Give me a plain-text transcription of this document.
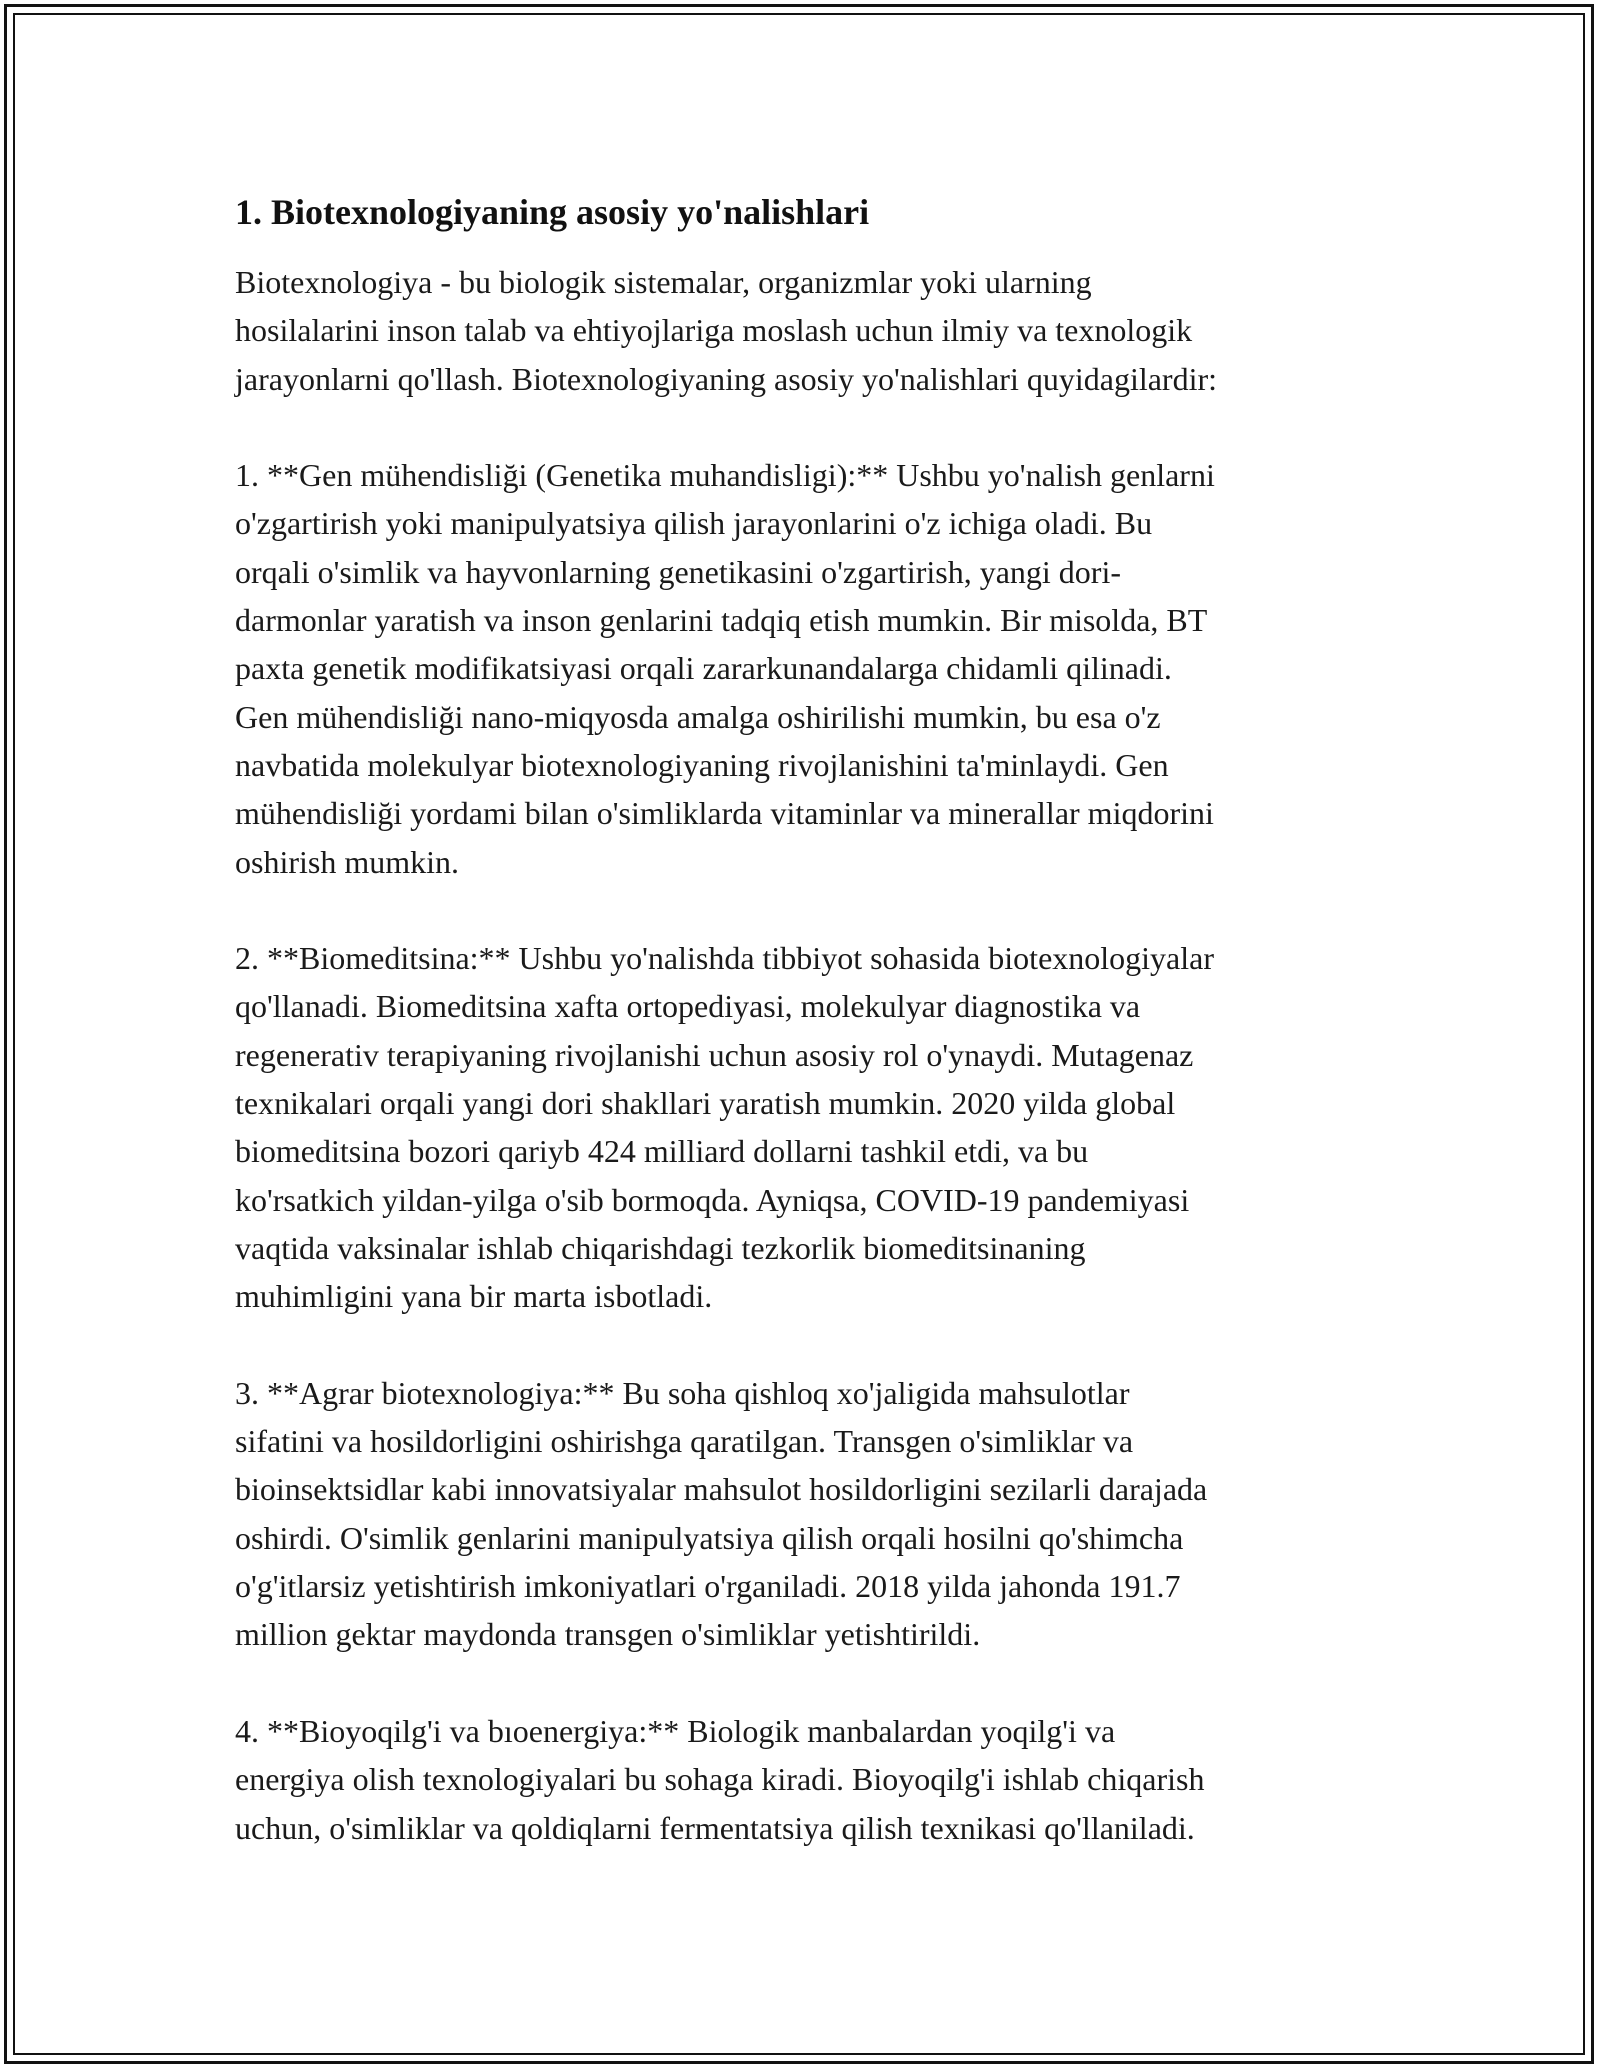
1. Biotexnologiyaning asosiy yo'nalishlari

Biotexnologiya - bu biologik sistemalar, organizmlar yoki ularning
hosilalarini inson talab va ehtiyojlariga moslash uchun ilmiy va texnologik
jarayonlarni qo'llash. Biotexnologiyaning asosiy yo'nalishlari quyidagilardir:

1. **Gen mühendisliği (Genetika muhandisligi):** Ushbu yo'nalish genlarni
o'zgartirish yoki manipulyatsiya qilish jarayonlarini o'z ichiga oladi. Bu
orqali o'simlik va hayvonlarning genetikasini o'zgartirish, yangi dori-
darmonlar yaratish va inson genlarini tadqiq etish mumkin. Bir misolda, BT
paxta genetik modifikatsiyasi orqali zararkunandalarga chidamli qilinadi.
Gen mühendisliği nano-miqyosda amalga oshirilishi mumkin, bu esa o'z
navbatida molekulyar biotexnologiyaning rivojlanishini ta'minlaydi. Gen
mühendisliği yordami bilan o'simliklarda vitaminlar va minerallar miqdorini
oshirish mumkin.

2. **Biomeditsina:** Ushbu yo'nalishda tibbiyot sohasida biotexnologiyalar
qo'llanadi. Biomeditsina xafta ortopediyasi, molekulyar diagnostika va
regenerativ terapiyaning rivojlanishi uchun asosiy rol o'ynaydi. Mutagenaz
texnikalari orqali yangi dori shakllari yaratish mumkin. 2020 yilda global
biomeditsina bozori qariyb 424 milliard dollarni tashkil etdi, va bu
ko'rsatkich yildan-yilga o'sib bormoqda. Ayniqsa, COVID-19 pandemiyasi
vaqtida vaksinalar ishlab chiqarishdagi tezkorlik biomeditsinaning
muhimligini yana bir marta isbotladi.

3. **Agrar biotexnologiya:** Bu soha qishloq xo'jaligida mahsulotlar
sifatini va hosildorligini oshirishga qaratilgan. Transgen o'simliklar va
bioinsektsidlar kabi innovatsiyalar mahsulot hosildorligini sezilarli darajada
oshirdi. O'simlik genlarini manipulyatsiya qilish orqali hosilni qo'shimcha
o'g'itlarsiz yetishtirish imkoniyatlari o'rganiladi. 2018 yilda jahonda 191.7
million gektar maydonda transgen o'simliklar yetishtirildi.

4. **Bioyoqilg'i va bıoenergiya:** Biologik manbalardan yoqilg'i va
energiya olish texnologiyalari bu sohaga kiradi. Bioyoqilg'i ishlab chiqarish
uchun, o'simliklar va qoldiqlarni fermentatsiya qilish texnikasi qo'llaniladi.
